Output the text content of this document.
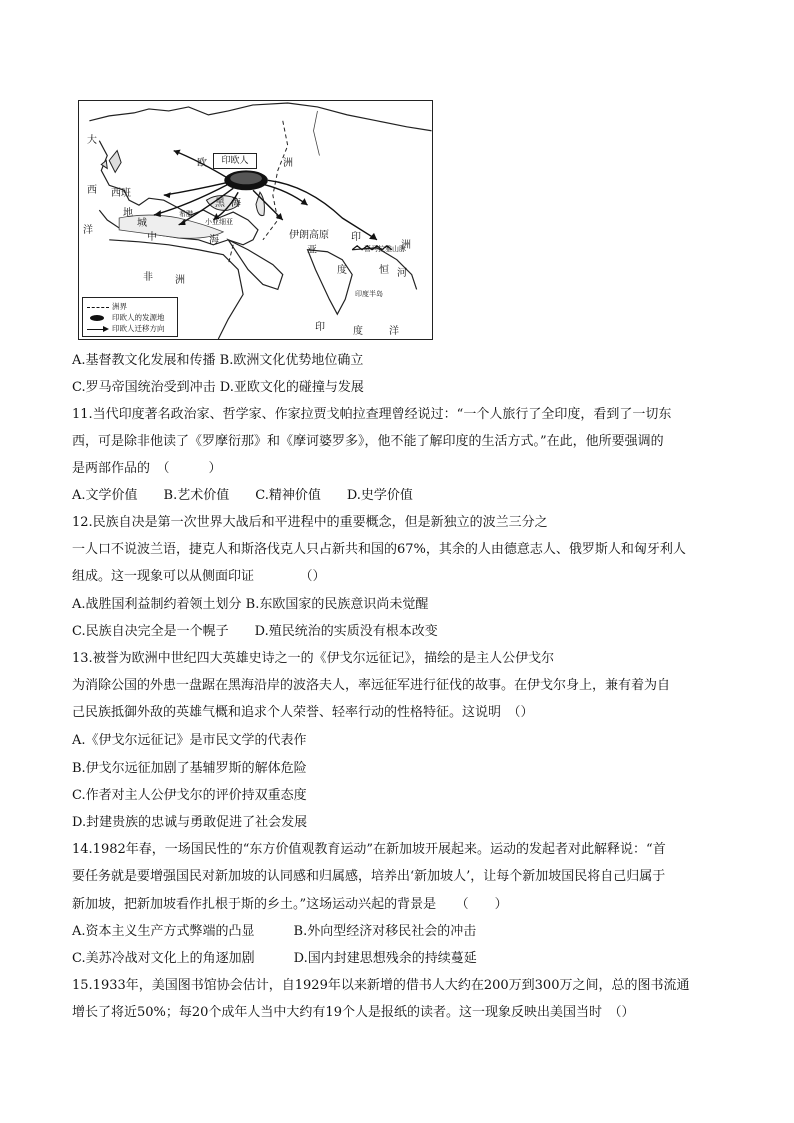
印欧人
大
西
洋
欧	洲
西班
地
城
中	海
黑 海
希腊
小亚细亚
伊朗高原
亚
度
印
喜马拉雅山脉
洲
恒 河
印度半岛
非 洲
印	度	洋
洲界
印欧人的发源地
印欧人迁移方向
A.基督教文化发展和传播 B.欧洲文化优势地位确立
C.罗马帝国统治受到冲击 D.亚欧文化的碰撞与发展
11.当代印度著名政治家、哲学家、作家拉贾戈帕拉查理曾经说过：“一个人旅行了全印度，看到了一切东
西，可是除非他读了《罗摩衍那》和《摩诃婆罗多》，他不能了解印度的生活方式。”在此，他所要强调的
是两部作品的　（　　　）
A.文学价值　　B.艺术价值　　C.精神价值　　D.史学价值
12.民族自决是第一次世界大战后和平进程中的重要概念，但是新独立的波兰三分之
一人口不说波兰语，捷克人和斯洛伐克人只占新共和国的67%，其余的人由德意志人、俄罗斯人和匈牙利人
组成。这一现象可以从侧面印证　　　　（）
A.战胜国利益制约着领土划分 B.东欧国家的民族意识尚未觉醒
C.民族自决完全是一个幌子　　D.殖民统治的实质没有根本改变
13.被誉为欧洲中世纪四大英雄史诗之一的《伊戈尔远征记》，描绘的是主人公伊戈尔
为消除公国的外患一盘踞在黑海沿岸的波洛夫人，率远征军进行征伐的故事。在伊戈尔身上，兼有着为自
己民族抵御外敌的英雄气概和追求个人荣誉、轻率行动的性格特征。这说明　（）
A.《伊戈尔远征记》是市民文学的代表作
B.伊戈尔远征加剧了基辅罗斯的解体危险
C.作者对主人公伊戈尔的评价持双重态度
D.封建贵族的忠诚与勇敢促进了社会发展
14.1982年春，一场国民性的“东方价值观教育运动”在新加坡开展起来。运动的发起者对此解释说：“首
要任务就是要增强国民对新加坡的认同感和归属感，培养出‘新加坡人’，让每个新加坡国民将自己归属于
新加坡，把新加坡看作扎根于斯的乡土。”这场运动兴起的背景是　　（　　）
A.资本主义生产方式弊端的凸显　　　B.外向型经济对移民社会的冲击
C.美苏冷战对文化上的角逐加剧　　　D.国内封建思想残余的持续蔓延
15.1933年，美国图书馆协会估计，自1929年以来新增的借书人大约在200万到300万之间，总的图书流通
增长了将近50%；每20个成年人当中大约有19个人是报纸的读者。这一现象反映出美国当时　（）
